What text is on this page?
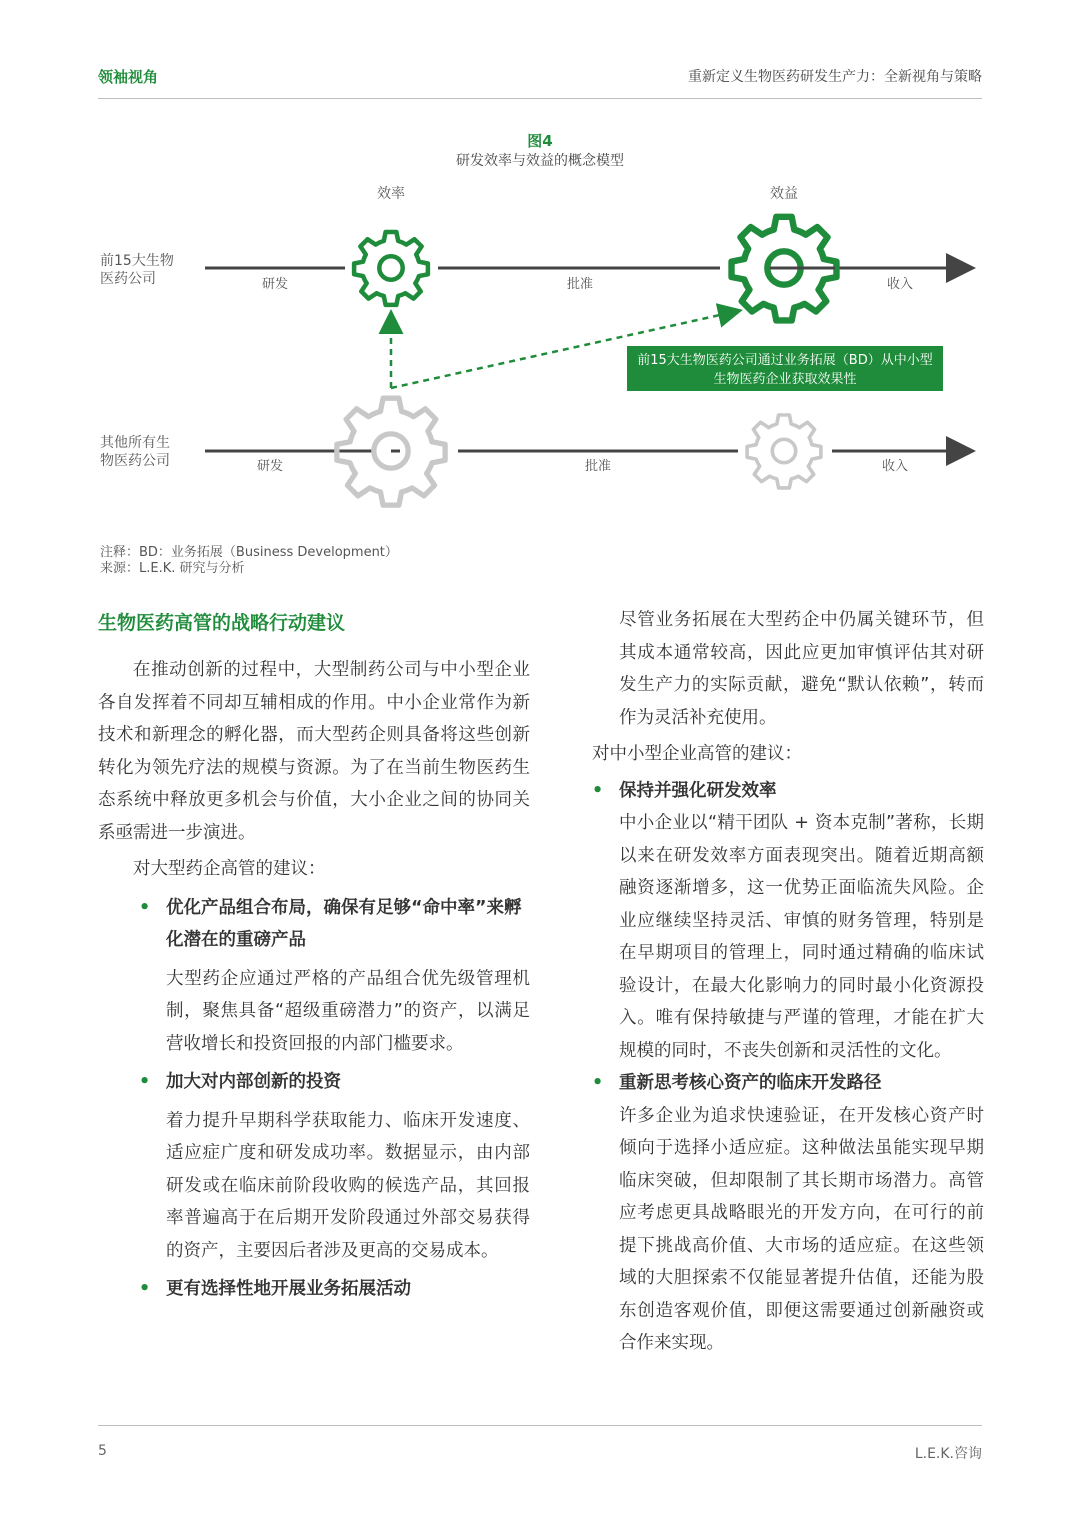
领袖视角	重新定义生物医药研发生产力：全新视角与策略
图4
研发效率与效益的概念模型
效率	效益
前15大生物
医药公司
其他所有生
物医药公司
研发	批准	收入
前15大生物医药公司通过业务拓展（BD）从中小型
生物医药企业获取效果性
研发	批准	收入
注释：BD：业务拓展（Business Development）
来源：L.E.K. 研究与分析
生物医药高管的战略行动建议

在推动创新的过程中，大型制药公司与中小型企业各自发挥着不同却互辅相成的作用。中小企业常作为新技术和新理念的孵化器，而大型药企则具备将这些创新转化为领先疗法的规模与资源。为了在当前生物医药生态系统中释放更多机会与价值，大小企业之间的协同关系亟需进一步演进。

对大型药企高管的建议：

• 优化产品组合布局，确保有足够“命中率”来孵化潜在的重磅产品

大型药企应通过严格的产品组合优先级管理机制，聚焦具备“超级重磅潜力”的资产，以满足营收增长和投资回报的内部门槛要求。

• 加大对内部创新的投资

着力提升早期科学获取能力、临床开发速度、适应症广度和研发成功率。数据显示，由内部研发或在临床前阶段收购的候选产品，其回报率普遍高于在后期开发阶段通过外部交易获得的资产，主要因后者涉及更高的交易成本。

• 更有选择性地开展业务拓展活动

尽管业务拓展在大型药企中仍属关键环节，但其成本通常较高，因此应更加审慎评估其对研发生产力的实际贡献，避免“默认依赖”，转而作为灵活补充使用。

对中小型企业高管的建议：

• 保持并强化研发效率

中小企业以“精干团队 + 资本克制”著称，长期以来在研发效率方面表现突出。随着近期高额融资逐渐增多，这一优势正面临流失风险。企业应继续坚持灵活、审慎的财务管理，特别是在早期项目的管理上，同时通过精确的临床试验设计，在最大化影响力的同时最小化资源投入。唯有保持敏捷与严谨的管理，才能在扩大规模的同时，不丧失创新和灵活性的文化。

• 重新思考核心资产的临床开发路径

许多企业为追求快速验证，在开发核心资产时倾向于选择小适应症。这种做法虽能实现早期临床突破，但却限制了其长期市场潜力。高管应考虑更具战略眼光的开发方向，在可行的前提下挑战高价值、大市场的适应症。在这些领域的大胆探索不仅能显著提升估值，还能为股东创造客观价值，即便这需要通过创新融资或合作来实现。

5	L.E.K.咨询
